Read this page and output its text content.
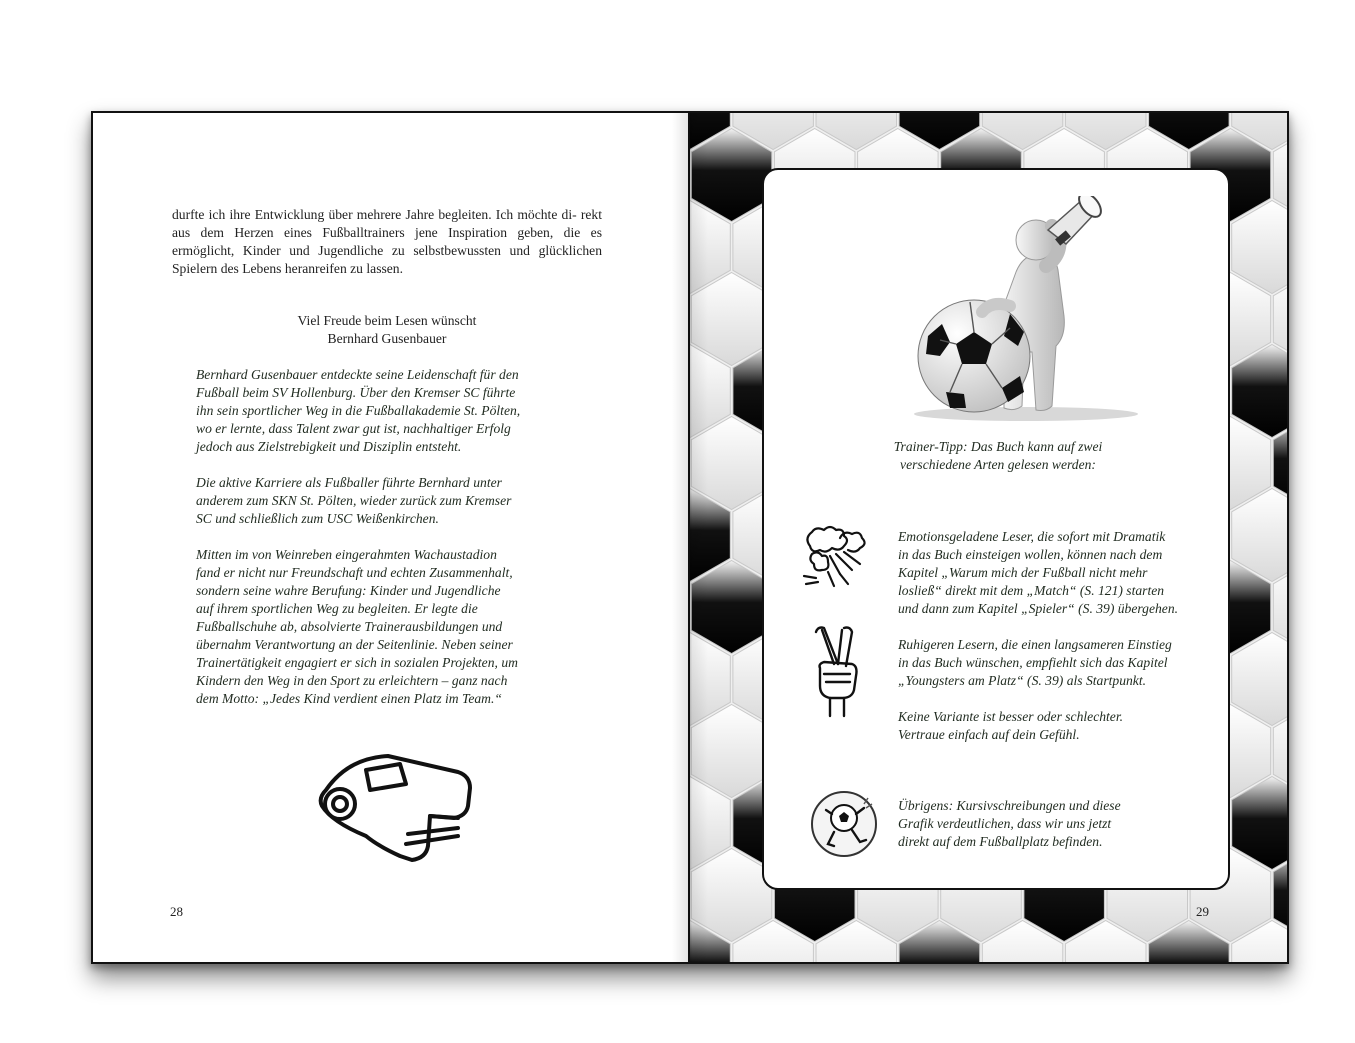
durfte ich ihre Entwicklung über mehrere Jahre begleiten. Ich möchte di- rekt aus dem Herzen eines Fußballtrainers jene Inspiration geben, die es ermöglicht, Kinder und Jugendliche zu selbstbewussten und glücklichen Spielern des Lebens heranreifen zu lassen.
Viel Freude beim Lesen wünscht
Bernhard Gusenbauer

Bernhard Gusenbauer entdeckte seine Leidenschaft für den
Fußball beim SV Hollenburg. Über den Kremser SC führte
ihn sein sportlicher Weg in die Fußballakademie St. Pölten,
wo er lernte, dass Talent zwar gut ist, nachhaltiger Erfolg
jedoch aus Zielstrebigkeit und Disziplin entsteht.

Die aktive Karriere als Fußballer führte Bernhard unter
anderem zum SKN St. Pölten, wieder zurück zum Kremser
SC und schließlich zum USC Weißenkirchen.

Mitten im von Weinreben eingerahmten Wachaustadion
fand er nicht nur Freundschaft und echten Zusammenhalt,
sondern seine wahre Berufung: Kinder und Jugendliche
auf ihrem sportlichen Weg zu begleiten. Er legte die
Fußballschuhe ab, absolvierte Trainerausbildungen und
übernahm Verantwortung an der Seitenlinie. Neben seiner
Trainertätigkeit engagiert er sich in sozialen Projekten, um
Kindern den Weg in den Sport zu erleichtern – ganz nach
dem Motto: „Jedes Kind verdient einen Platz im Team.“

28
Trainer-Tipp: Das Buch kann auf zwei
verschiedene Arten gelesen werden:
Emotionsgeladene Leser, die sofort mit Dramatik
in das Buch einsteigen wollen, können nach dem
Kapitel „Warum mich der Fußball nicht mehr
losließ“ direkt mit dem „Match“ (S. 121) starten
und dann zum Kapitel „Spieler“ (S. 39) übergehen.
Ruhigeren Lesern, die einen langsameren Einstieg
in das Buch wünschen, empfiehlt sich das Kapitel
„Youngsters am Platz“ (S. 39) als Startpunkt.
Keine Variante ist besser oder schlechter.
Vertraue einfach auf dein Gefühl.
Übrigens: Kursivschreibungen und diese
Grafik verdeutlichen, dass wir uns jetzt
direkt auf dem Fußballplatz befinden.
29
